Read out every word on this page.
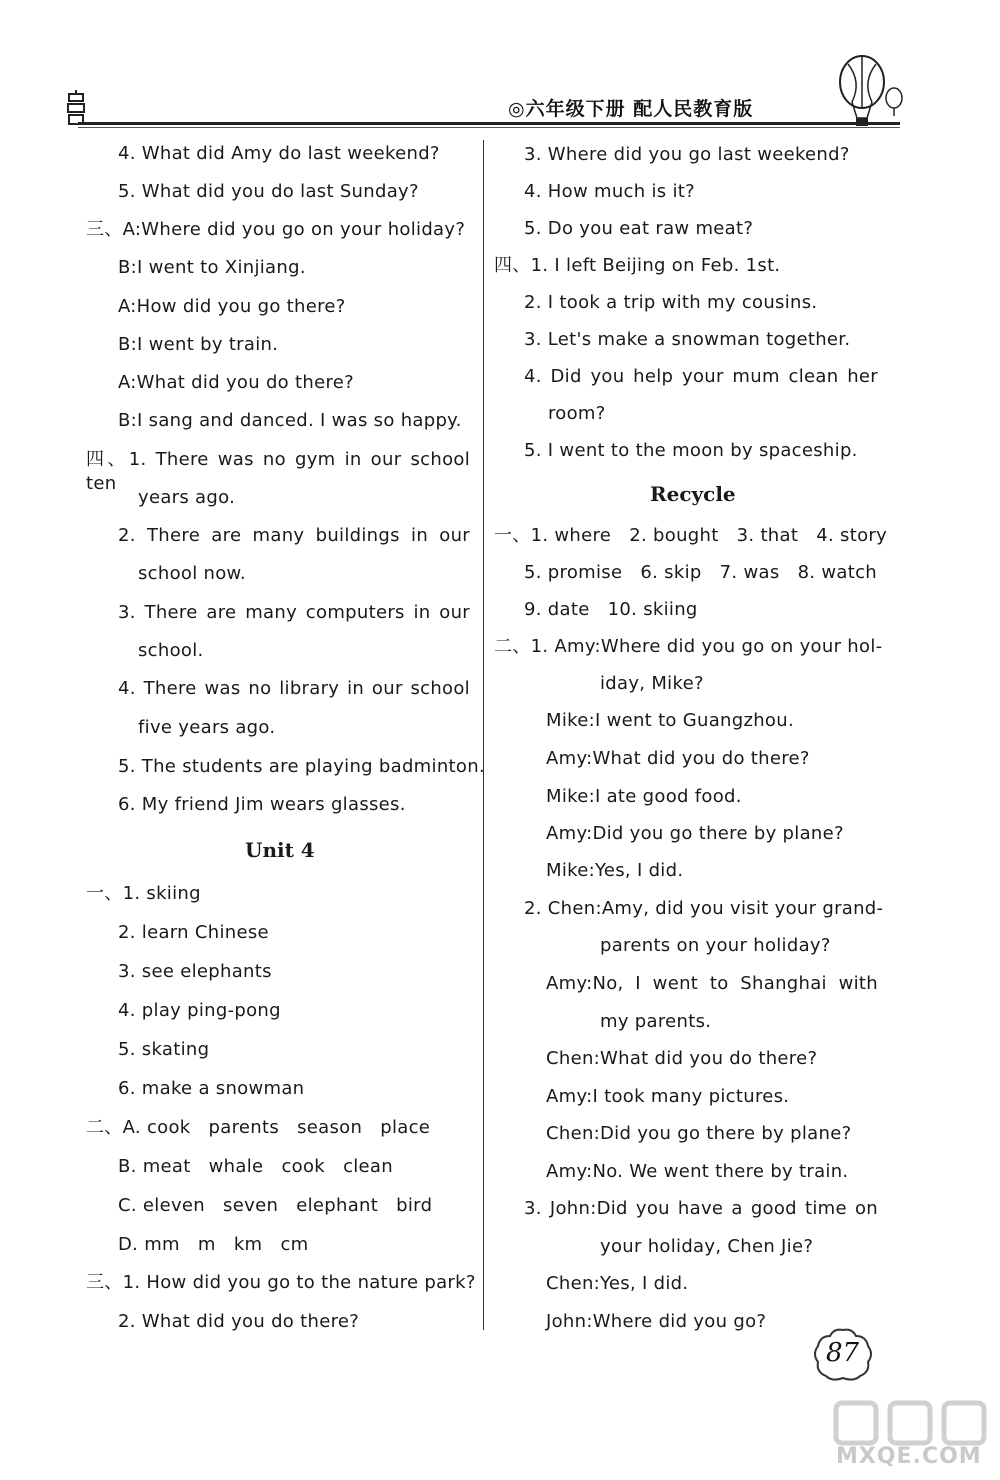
◎六年级下册 配人民教育版
4. What did Amy do last weekend?
5. What did you do last Sunday?
三、A:Where did you go on your holiday?
B:I went to Xinjiang.
A:How did you go there?
B:I went by train.
A:What did you do there?
B:I sang and danced. I was so happy.
四、1. There was no gym in our school ten
years ago.
2. There are many buildings in our
school now.
3. There are many computers in our
school.
4. There was no library in our school
five years ago.
5. The students are playing badminton.
6. My friend Jim wears glasses.
Unit 4
一、1. skiing
2. learn Chinese
3. see elephants
4. play ping-pong
5. skating
6. make a snowman
二、A. cook   parents   season   place
B. meat   whale   cook   clean
C. eleven   seven   elephant   bird
D. mm   m   km   cm
三、1. How did you go to the nature park?
2. What did you do there?
3. Where did you go last weekend?
4. How much is it?
5. Do you eat raw meat?
四、1. I left Beijing on Feb. 1st.
2. I took a trip with my cousins.
3. Let's make a snowman together.
4. Did you help your mum clean her
room?
5. I went to the moon by spaceship.
Recycle
一、1. where   2. bought   3. that   4. story
5. promise   6. skip   7. was   8. watch
9. date   10. skiing
二、1. Amy:Where did you go on your hol-
iday, Mike?
Mike:I went to Guangzhou.
Amy:What did you do there?
Mike:I ate good food.
Amy:Did you go there by plane?
Mike:Yes, I did.
2. Chen:Amy, did you visit your grand-
parents on your holiday?
Amy:No, I went to Shanghai with
my parents.
Chen:What did you do there?
Amy:I took many pictures.
Chen:Did you go there by plane?
Amy:No. We went there by train.
3. John:Did you have a good time on
your holiday, Chen Jie?
Chen:Yes, I did.
John:Where did you go?
87
MXQE.COM
